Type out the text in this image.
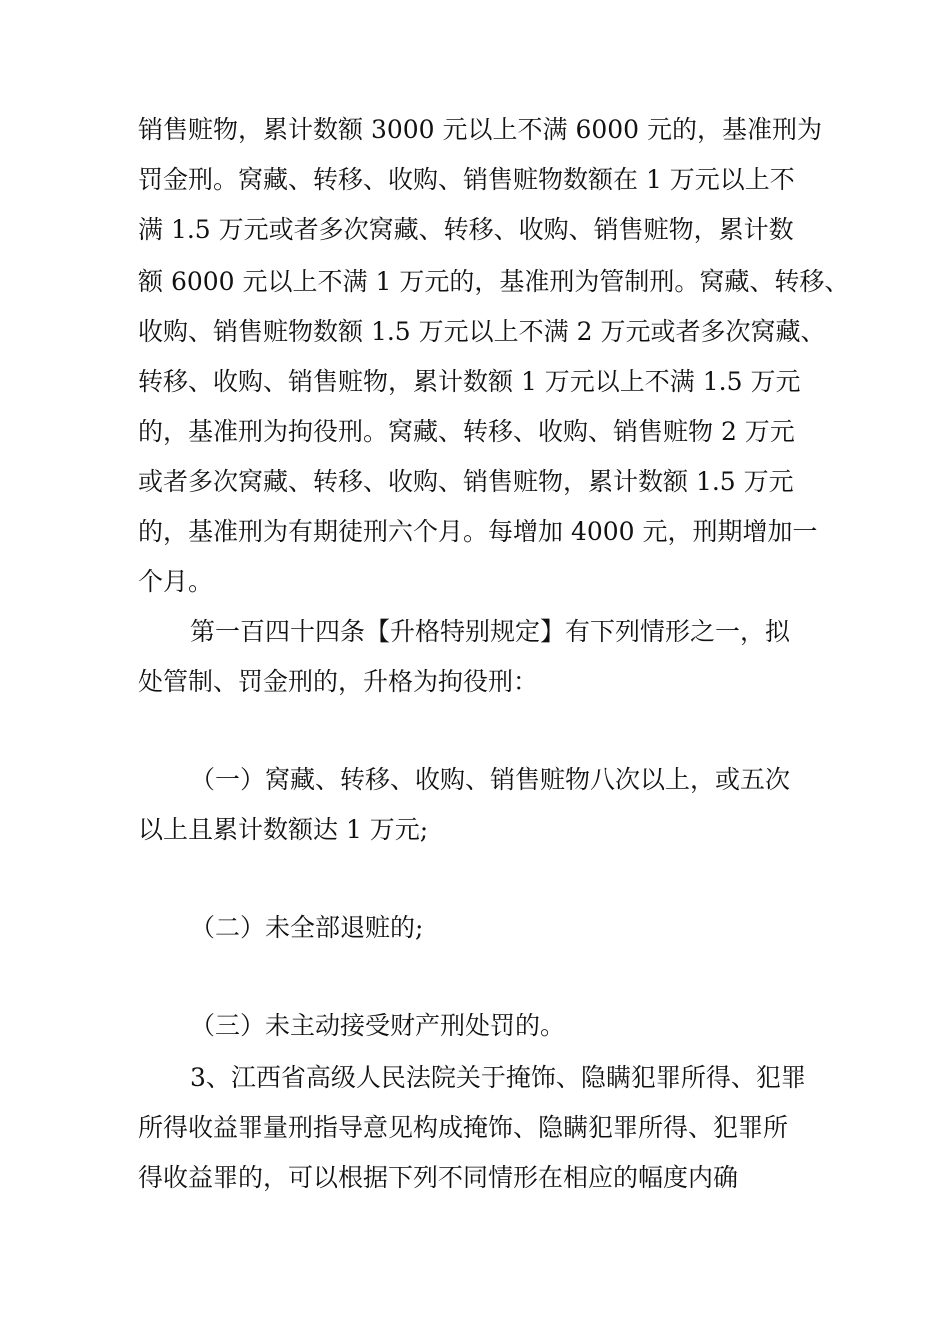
销售赃物，累计数额 3000 元以上不满 6000 元的，基准刑为
罚金刑。窝藏、转移、收购、销售赃物数额在 1 万元以上不
满 1.5 万元或者多次窝藏、转移、收购、销售赃物，累计数
额 6000 元以上不满 1 万元的，基准刑为管制刑。窝藏、转移、
收购、销售赃物数额 1.5 万元以上不满 2 万元或者多次窝藏、
转移、收购、销售赃物，累计数额 1 万元以上不满 1.5 万元
的，基准刑为拘役刑。窝藏、转移、收购、销售赃物 2 万元
或者多次窝藏、转移、收购、销售赃物，累计数额 1.5 万元
的，基准刑为有期徒刑六个月。每增加 4000 元，刑期增加一
个月。
第一百四十四条【升格特别规定】有下列情形之一，拟
处管制、罚金刑的，升格为拘役刑：
（一）窝藏、转移、收购、销售赃物八次以上，或五次
以上且累计数额达 1 万元;
（二）未全部退赃的;
（三）未主动接受财产刑处罚的。
3、江西省高级人民法院关于掩饰、隐瞒犯罪所得、犯罪
所得收益罪量刑指导意见构成掩饰、隐瞒犯罪所得、犯罪所
得收益罪的，可以根据下列不同情形在相应的幅度内确
